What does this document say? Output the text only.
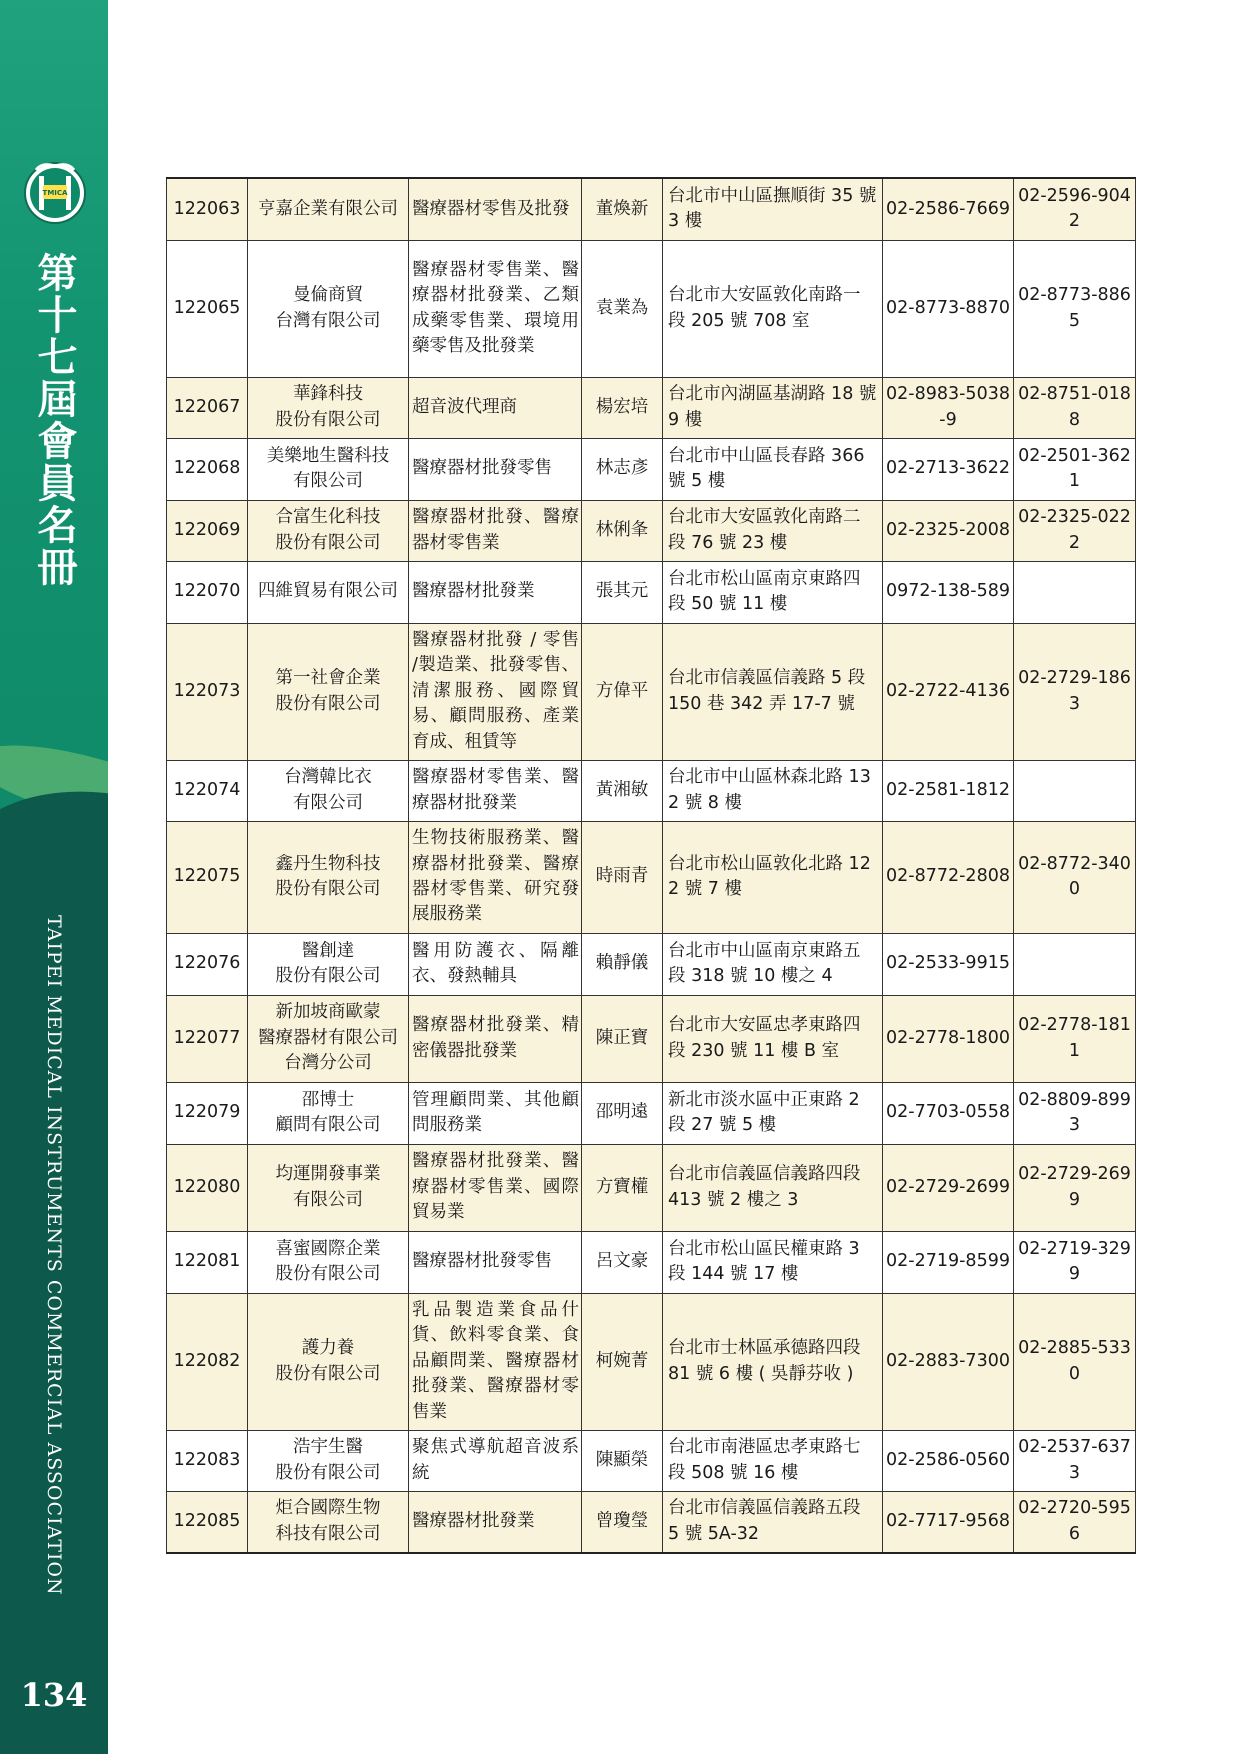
TMICA
第十七屆會員名冊
TAIPEI MEDICAL INSTRUMENTS COMMERCIAL ASSOCIATION
134
122063	亨嘉企業有限公司	醫療器材零售及批發	董煥新	台北市中山區撫順街 35 號 3 樓	02-2586-7669	02-2596-9042

122065	曼倫商貿
台灣有限公司	醫療器材零售業、醫療器材批發業、乙類成藥零售業、環境用藥零售及批發業	袁業為	台北市大安區敦化南路一段 205 號 708 室	02-8773-8870	02-8773-8865

122067	華鋒科技
股份有限公司	超音波代理商	楊宏培	台北市內湖區基湖路 18 號 9 樓	02-8983-5038-9	02-8751-0188

122068	美樂地生醫科技
有限公司	醫療器材批發零售	林志彥	台北市中山區長春路 366 號 5 樓	02-2713-3622	02-2501-3621

122069	合富生化科技
股份有限公司	醫療器材批發、醫療器材零售業	林俐夆	台北市大安區敦化南路二段 76 號 23 樓	02-2325-2008	02-2325-0222

122070	四維貿易有限公司	醫療器材批發業	張其元	台北市松山區南京東路四段 50 號 11 樓	0972-138-589	

122073	第一社會企業
股份有限公司	醫療器材批發 / 零售 /製造業、批發零售、清潔服務、國際貿易、顧問服務、產業育成、租賃等	方偉平	台北市信義區信義路 5 段 150 巷 342 弄 17-7 號	02-2722-4136	02-2729-1863

122074	台灣韓比衣
有限公司	醫療器材零售業、醫療器材批發業	黃湘敏	台北市中山區林森北路 132 號 8 樓	02-2581-1812	

122075	鑫丹生物科技
股份有限公司	生物技術服務業、醫療器材批發業、醫療器材零售業、研究發展服務業	時雨青	台北市松山區敦化北路 122 號 7 樓	02-8772-2808	02-8772-3400

122076	醫創達
股份有限公司	醫用防護衣、隔離衣、發熱輔具	賴靜儀	台北市中山區南京東路五段 318 號 10 樓之 4	02-2533-9915	

122077	新加坡商歐蒙
醫療器材有限公司
台灣分公司	醫療器材批發業、精密儀器批發業	陳正寶	台北市大安區忠孝東路四段 230 號 11 樓 B 室	02-2778-1800	02-2778-1811

122079	邵博士
顧問有限公司	管理顧問業、其他顧問服務業	邵明遠	新北市淡水區中正東路 2 段 27 號 5 樓	02-7703-0558	02-8809-8993

122080	均運開發事業
有限公司	醫療器材批發業、醫療器材零售業、國際貿易業	方寶權	台北市信義區信義路四段 413 號 2 樓之 3	02-2729-2699	02-2729-2699

122081	喜蜜國際企業
股份有限公司	醫療器材批發零售	呂文豪	台北市松山區民權東路 3 段 144 號 17 樓	02-2719-8599	02-2719-3299

122082	護力養
股份有限公司	乳品製造業食品什貨、飲料零食業、食品顧問業、醫療器材批發業、醫療器材零售業	柯婉菁	台北市士林區承德路四段 81 號 6 樓 ( 吳靜芬收 )	02-2883-7300	02-2885-5330

122083	浩宇生醫
股份有限公司	聚焦式導航超音波系統	陳顯榮	台北市南港區忠孝東路七段 508 號 16 樓	02-2586-0560	02-2537-6373

122085	炬合國際生物
科技有限公司	醫療器材批發業	曾瓊瑩	台北市信義區信義路五段 5 號 5A-32	02-7717-9568	02-2720-5956
